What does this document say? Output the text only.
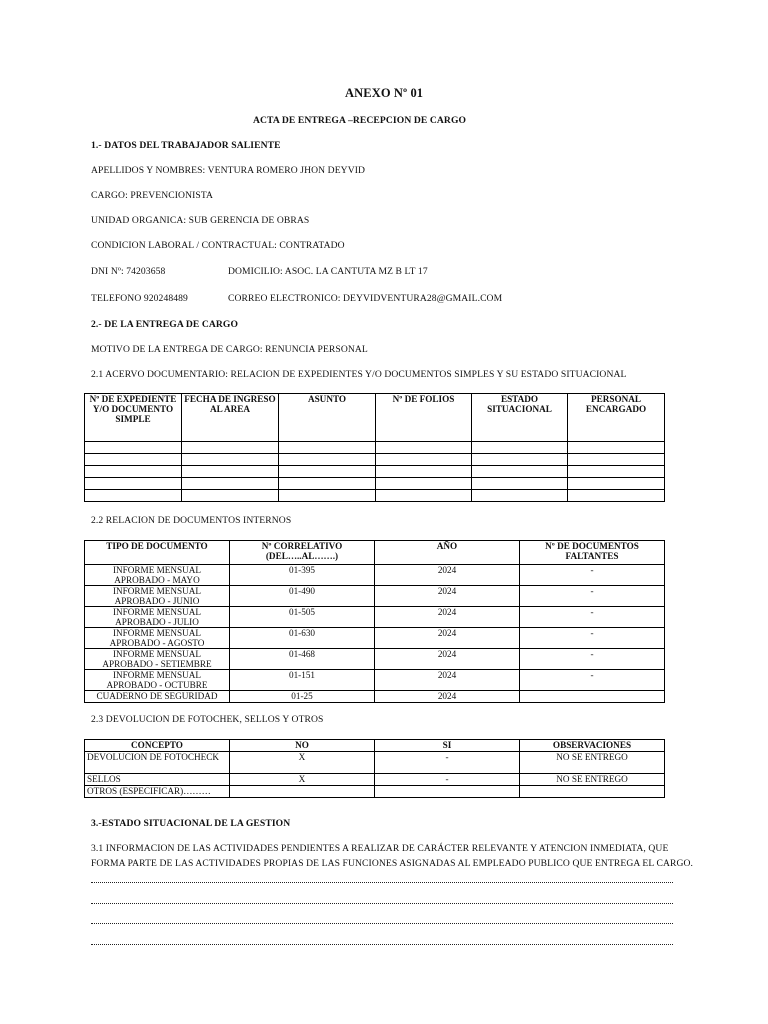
ANEXO Nº 01
ACTA DE ENTREGA –RECEPCION DE CARGO
1.- DATOS DEL TRABAJADOR SALIENTE
APELLIDOS Y NOMBRES: VENTURA ROMERO JHON DEYVID
CARGO: PREVENCIONISTA
UNIDAD ORGANICA: SUB GERENCIA DE OBRAS
CONDICION LABORAL / CONTRACTUAL: CONTRATADO
DNI Nº: 74203658	DOMICILIO: ASOC. LA CANTUTA MZ B LT 17
TELEFONO 920248489	CORREO ELECTRONICO: DEYVIDVENTURA28@GMAIL.COM
2.- DE LA ENTREGA DE CARGO
MOTIVO DE LA ENTREGA DE CARGO: RENUNCIA PERSONAL
2.1 ACERVO DOCUMENTARIO: RELACION DE EXPEDIENTES Y/O DOCUMENTOS SIMPLES Y SU ESTADO SITUACIONAL
Nº DE EXPEDIENTE Y/O DOCUMENTO SIMPLE	FECHA DE INGRESO AL AREA	ASUNTO	Nº DE FOLIOS	ESTADO SITUACIONAL	PERSONAL ENCARGADO

2.2 RELACION DE DOCUMENTOS INTERNOS
TIPO DE DOCUMENTO	Nº CORRELATIVO (DEL…..AL…….)	AÑO	Nº DE DOCUMENTOS FALTANTES
INFORME MENSUAL APROBADO - MAYO	01-395	2024	-
INFORME MENSUAL APROBADO - JUNIO	01-490	2024	-
INFORME MENSUAL APROBADO - JULIO	01-505	2024	-
INFORME MENSUAL APROBADO - AGOSTO	01-630	2024	-
INFORME MENSUAL APROBADO - SETIEMBRE	01-468	2024	-
INFORME MENSUAL APROBADO - OCTUBRE	01-151	2024	-
CUADERNO DE SEGURIDAD	01-25	2024	
2.3 DEVOLUCION DE FOTOCHEK, SELLOS Y OTROS
CONCEPTO	NO	SI	OBSERVACIONES
DEVOLUCION DE FOTOCHECK	X	-	NO SE ENTREGO
SELLOS	X	-	NO SE ENTREGO
OTROS (ESPECIFICAR)………			
3.-ESTADO SITUACIONAL DE LA GESTION
3.1 INFORMACION DE LAS ACTIVIDADES PENDIENTES A REALIZAR DE CARÁCTER RELEVANTE Y ATENCION INMEDIATA, QUE
FORMA PARTE DE LAS ACTIVIDADES PROPIAS DE LAS FUNCIONES ASIGNADAS AL EMPLEADO PUBLICO QUE ENTREGA EL CARGO.
